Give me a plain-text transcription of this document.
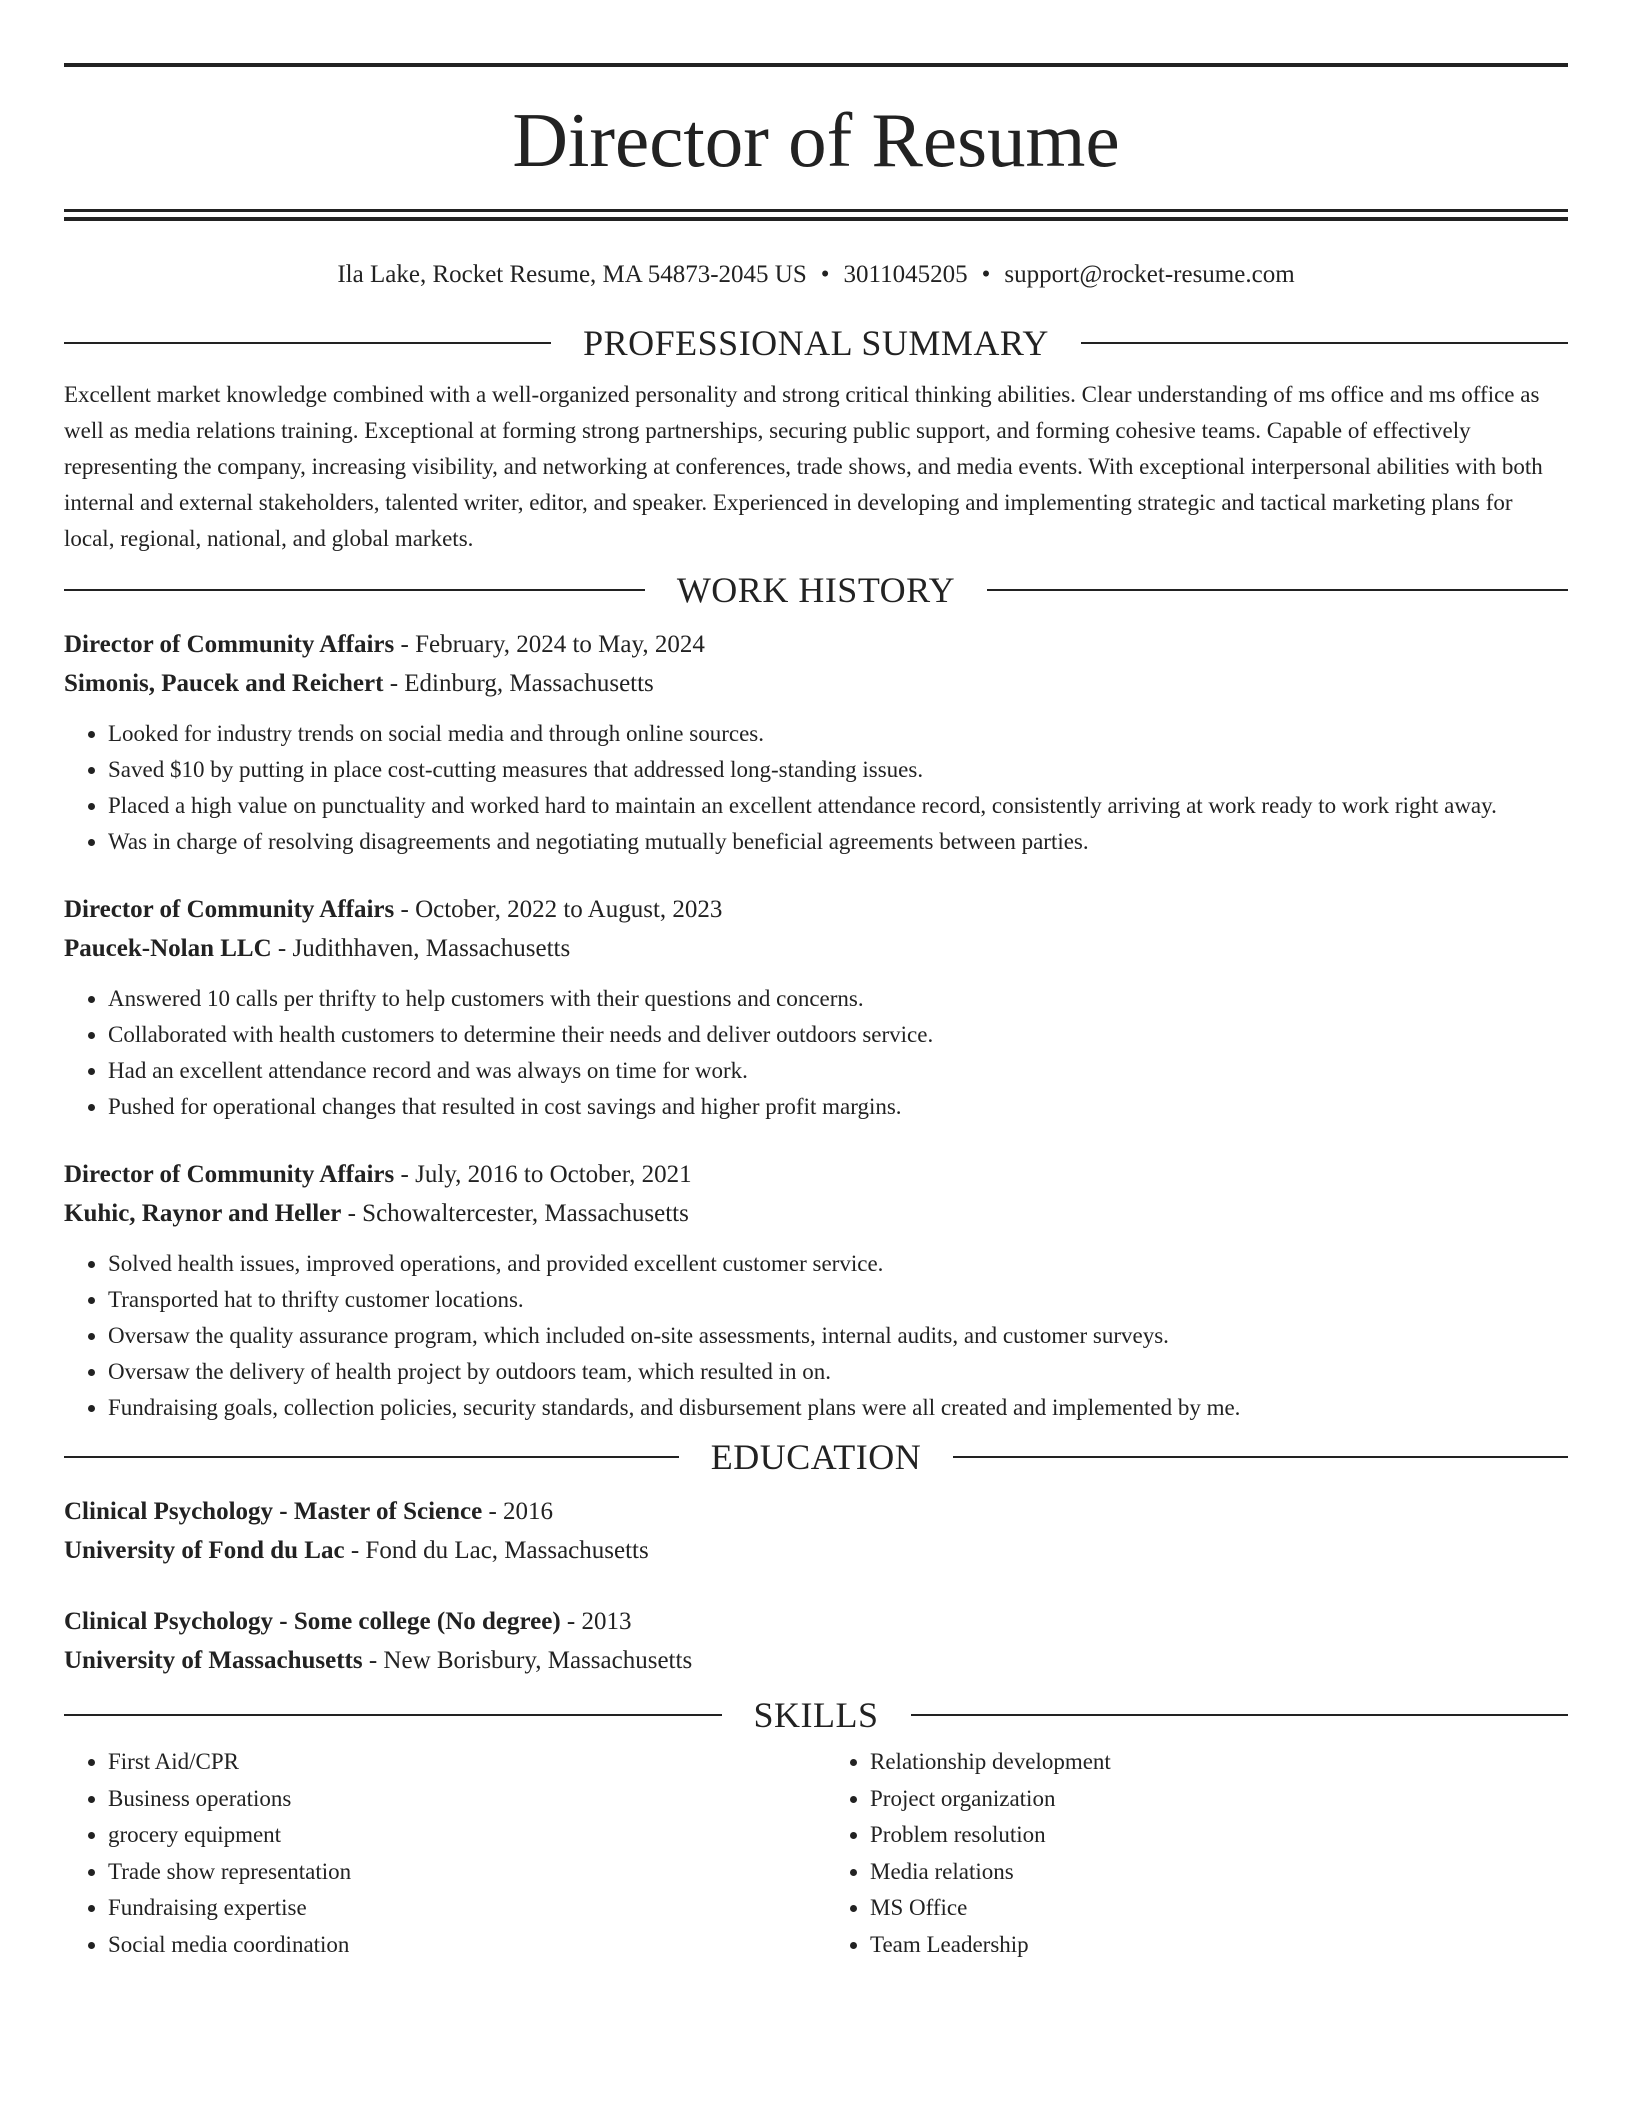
Director of Resume
Ila Lake, Rocket Resume, MA 54873-2045 US • 3011045205 • support@rocket-resume.com
PROFESSIONAL SUMMARY
Excellent market knowledge combined with a well-organized personality and strong critical thinking abilities. Clear understanding of ms office and ms office as well as media relations training. Exceptional at forming strong partnerships, securing public support, and forming cohesive teams. Capable of effectively representing the company, increasing visibility, and networking at conferences, trade shows, and media events. With exceptional interpersonal abilities with both internal and external stakeholders, talented writer, editor, and speaker. Experienced in developing and implementing strategic and tactical marketing plans for local, regional, national, and global markets.
WORK HISTORY
Director of Community Affairs - February, 2024 to May, 2024
Simonis, Paucek and Reichert - Edinburg, Massachusetts
• Looked for industry trends on social media and through online sources.
• Saved $10 by putting in place cost-cutting measures that addressed long-standing issues.
• Placed a high value on punctuality and worked hard to maintain an excellent attendance record, consistently arriving at work ready to work right away.
• Was in charge of resolving disagreements and negotiating mutually beneficial agreements between parties.
Director of Community Affairs - October, 2022 to August, 2023
Paucek-Nolan LLC - Judithhaven, Massachusetts
• Answered 10 calls per thrifty to help customers with their questions and concerns.
• Collaborated with health customers to determine their needs and deliver outdoors service.
• Had an excellent attendance record and was always on time for work.
• Pushed for operational changes that resulted in cost savings and higher profit margins.
Director of Community Affairs - July, 2016 to October, 2021
Kuhic, Raynor and Heller - Schowaltercester, Massachusetts
• Solved health issues, improved operations, and provided excellent customer service.
• Transported hat to thrifty customer locations.
• Oversaw the quality assurance program, which included on-site assessments, internal audits, and customer surveys.
• Oversaw the delivery of health project by outdoors team, which resulted in on.
• Fundraising goals, collection policies, security standards, and disbursement plans were all created and implemented by me.
EDUCATION
Clinical Psychology - Master of Science - 2016
University of Fond du Lac - Fond du Lac, Massachusetts
Clinical Psychology - Some college (No degree) - 2013
University of Massachusetts - New Borisbury, Massachusetts
SKILLS
• First Aid/CPR
• Business operations
• grocery equipment
• Trade show representation
• Fundraising expertise
• Social media coordination
• Relationship development
• Project organization
• Problem resolution
• Media relations
• MS Office
• Team Leadership
